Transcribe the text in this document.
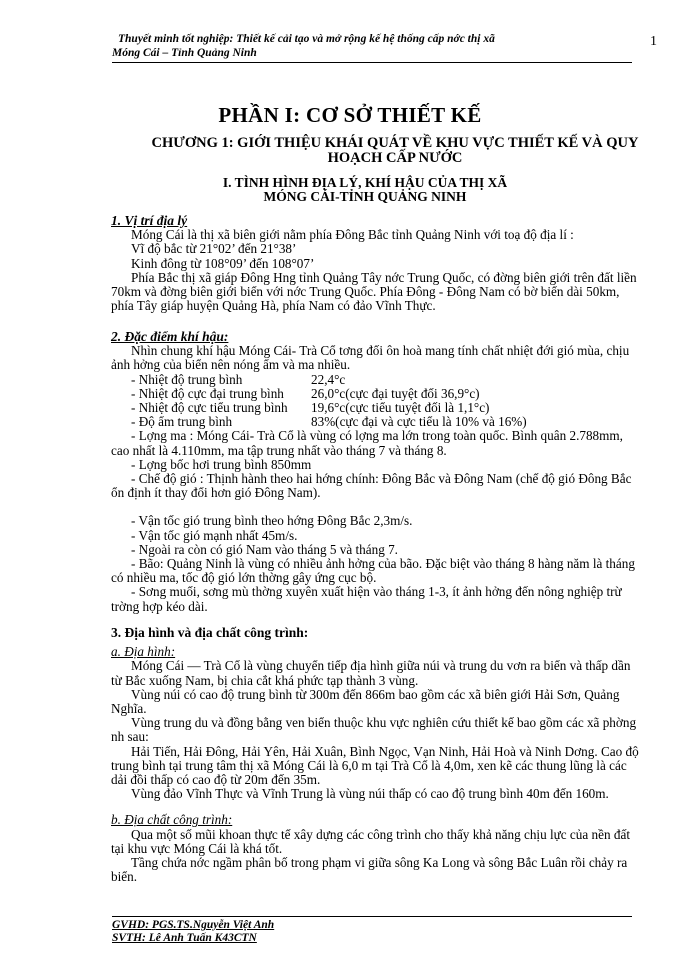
Thuyết minh tốt nghiệp: Thiết kế cải tạo và mở rộng kế hệ thống cấp nớc thị xã
Móng Cái – Tỉnh Quảng Ninh
1
PHẦN I: CƠ SỞ THIẾT KẾ
CHƯƠNG 1: GIỚI THIỆU KHÁI QUÁT VỀ KHU VỰC THIẾT KẾ VÀ QUY HOẠCH CẤP NƯỚC
I. TÌNH HÌNH ĐỊA LÝ, KHÍ HẬU CỦA THỊ XÃ
MÓNG CÁI-TỈNH QUẢNG NINH
1. Vị trí địa lý
Móng Cái là thị xã biên giới nằm phía Đông Bắc tỉnh Quảng Ninh với toạ độ địa lí :
Vĩ độ bắc từ 21°02’ đến 21°38’
Kinh đông từ 108°09’ đến 108°07’
Phía Bắc thị xã giáp Đông Hng tỉnh Quảng Tây nớc Trung Quốc, có đờng biên giới trên đất liền 70km và đờng biên giới biển với nớc Trung Quốc. Phía Đông - Đông Nam có bờ biển dài 50km, phía Tây giáp huyện Quảng Hà, phía Nam có đảo Vĩnh Thực.
2. Đặc điểm khí hậu:
Nhìn chung khí hậu Móng Cái- Trà Cổ tơng đối ôn hoà mang tính chất nhiệt đới gió mùa, chịu ảnh hởng của biển nên nóng ẩm và ma nhiều.
- Nhiệt độ trung bình	22,4°c
- Nhiệt độ cực đại trung bình 26,0°c(cực đại tuyệt đối 36,9°c)
- Nhiệt độ cực tiểu trung bình 19,6°c(cực tiểu tuyệt đối là 1,1°c)
- Độ ẩm trung bình	83%(cực đại và cực tiểu là 10% và 16%)
- Lợng ma : Móng Cái- Trà Cổ là vùng có lợng ma lớn trong toàn quốc. Bình quân 2.788mm, cao nhất là 4.110mm, ma tập trung nhất vào tháng 7 và tháng 8.
- Lợng bốc hơi trung bình 850mm
- Chế độ gió : Thịnh hành theo hai hớng chính: Đông Bắc và Đông Nam (chế độ gió Đông Bắc ổn định ít thay đổi hơn gió Đông Nam).
- Vận tốc gió trung bình theo hớng Đông Bắc 2,3m/s.
- Vận tốc gió mạnh nhất 45m/s.
- Ngoài ra còn có gió Nam vào tháng 5 và tháng 7.
- Bão: Quảng Ninh là vùng có nhiều ảnh hởng của bão. Đặc biệt vào tháng 8 hàng năm là tháng có nhiều ma, tốc độ gió lớn thờng gây ứng cục bộ.
- Sơng muối, sơng mù thờng xuyên xuất hiện vào tháng 1-3, ít ảnh hởng đến nông nghiệp trừ trờng hợp kéo dài.
3. Địa hình và địa chất công trình:
a. Địa hình:
Móng Cái — Trà Cổ là vùng chuyển tiếp địa hình giữa núi và trung du vơn ra biển và thấp dần từ Bắc xuống Nam, bị chia cắt khá phức tạp thành 3 vùng.
Vùng núi có cao độ trung bình từ 300m đến 866m bao gồm các xã biên giới Hải Sơn, Quảng Nghĩa.
Vùng trung du và đồng bằng ven biển thuộc khu vực nghiên cứu thiết kế bao gồm các xã phờng nh sau:
Hải Tiến, Hải Đông, Hải Yên, Hải Xuân, Bình Ngọc, Vạn Ninh, Hải Hoà và Ninh Dơng. Cao độ trung bình tại trung tâm thị xã Móng Cái là 6,0 m tại Trà Cổ là 4,0m, xen kẽ các thung lũng là các dải đồi thấp có cao độ từ 20m đến 35m.
Vùng đảo Vĩnh Thực và Vĩnh Trung là vùng núi thấp có cao độ trung bình 40m đến 160m.
b. Địa chất công trình:
Qua một số mũi khoan thực tế xây dựng các công trình cho thấy khả năng chịu lực của nền đất tại khu vực Móng Cái là khá tốt.
Tầng chứa nớc ngầm phân bố trong phạm vi giữa sông Ka Long và sông Bắc Luân rồi chảy ra biển.
GVHD: PGS.TS.Nguyễn Việt Anh
SVTH: Lê Anh Tuấn K43CTN
